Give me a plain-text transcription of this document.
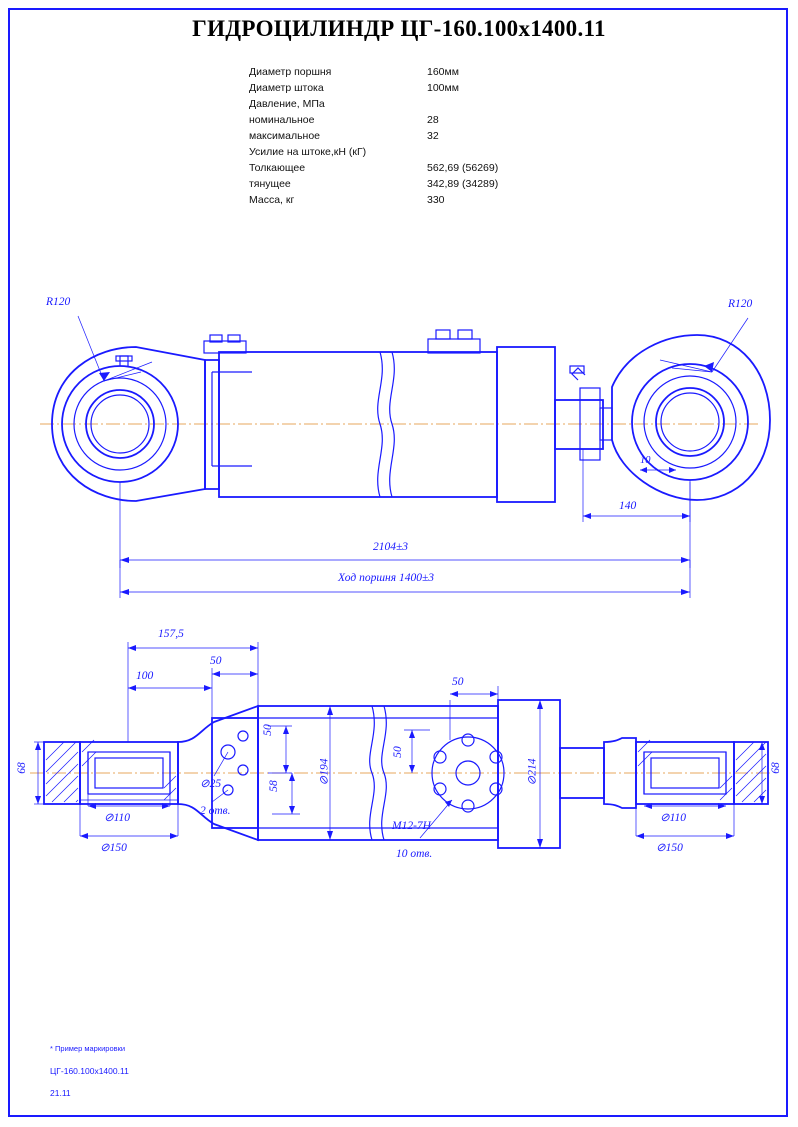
ГИДРОЦИЛИНДР ЦГ-160.100х1400.11
Диаметр поршня	160мм
Диаметр штока	100мм
Давление, МПа
номинальное	28
максимальное	32
Усилие на штоке,кН (кГ)
Толкающее	562,69 (56269)
тянущее	342,89 (34289)
Масса, кг	330
R120	R120
10
140
2104±3
Ход поршня 1400±3
157,5
50
100	50
50
50
58
68	68
⊘25
2 отв.
⊘194	⊘214
M12-7H
10 отв.
⊘110
⊘150
⊘110
⊘150
* Пример маркировки
ЦГ-160.100х1400.11
21.11
